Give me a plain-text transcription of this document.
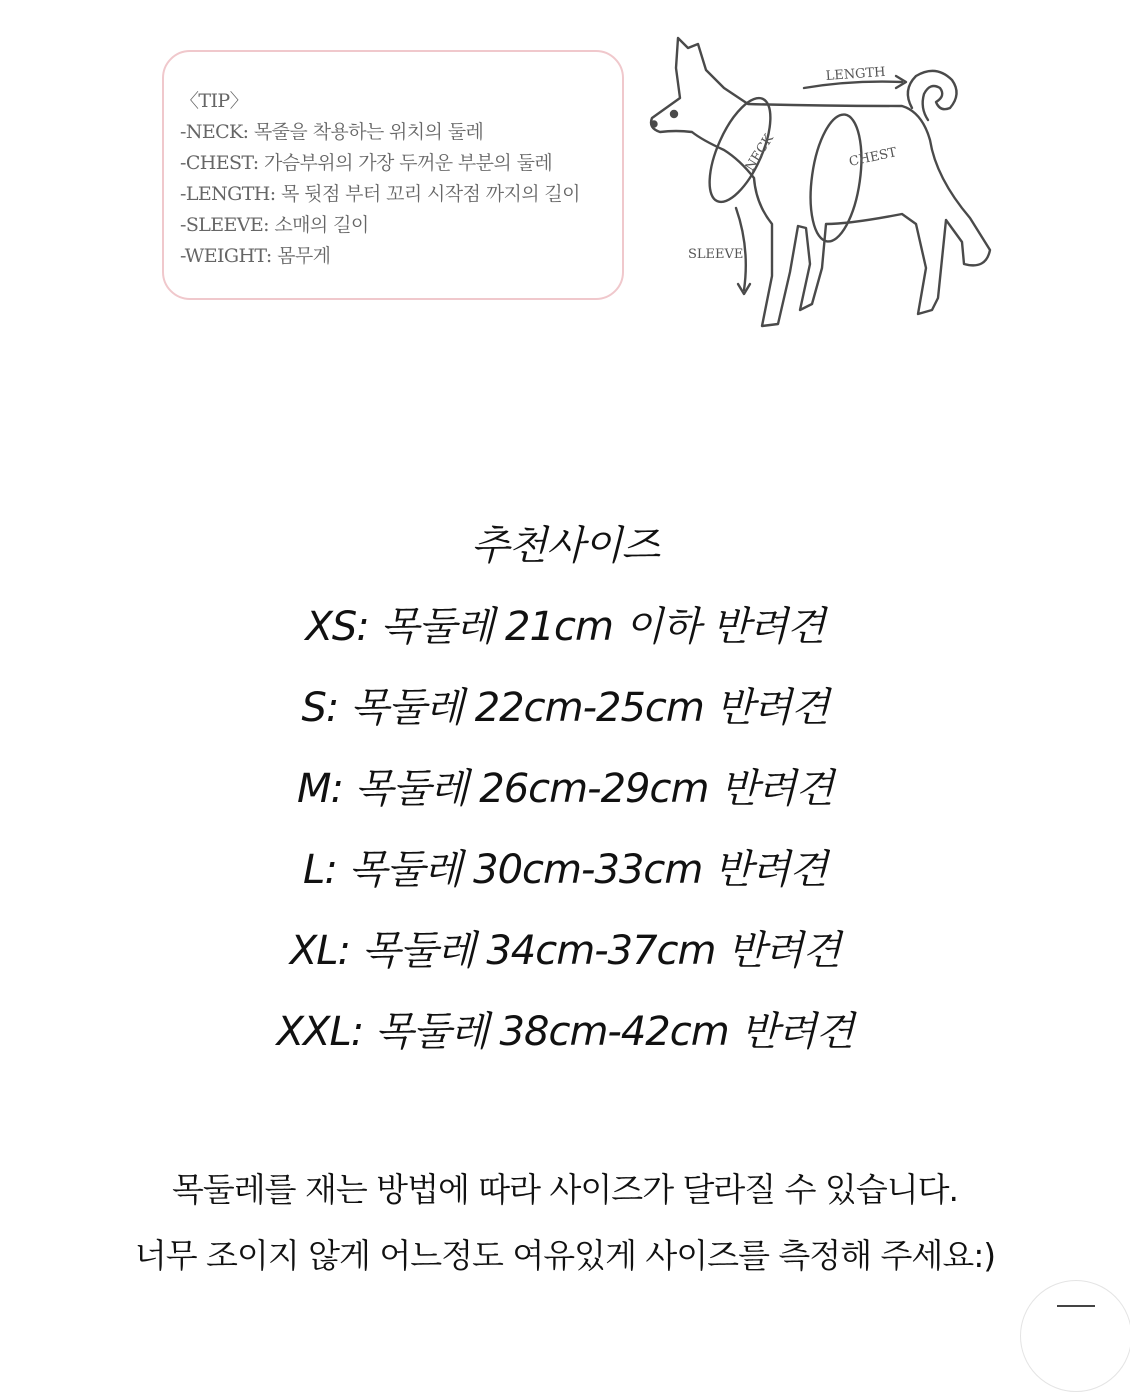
〈TIP〉
-NECK: 목줄을 착용하는 위치의 둘레
-CHEST: 가슴부위의 가장 두꺼운 부분의 둘레
-LENGTH: 목 뒷점 부터 꼬리 시작점 까지의 길이
-SLEEVE: 소매의 길이
-WEIGHT: 몸무게
LENGTH
NECK	CHEST
SLEEVE
추천사이즈
XS: 목둘레 21cm 이하 반려견
S: 목둘레 22cm-25cm 반려견
M: 목둘레 26cm-29cm 반려견
L: 목둘레 30cm-33cm 반려견
XL: 목둘레 34cm-37cm 반려견
XXL: 목둘레 38cm-42cm 반려견
목둘레를 재는 방법에 따라 사이즈가 달라질 수 있습니다.
너무 조이지 않게 어느정도 여유있게 사이즈를 측정해 주세요:)
